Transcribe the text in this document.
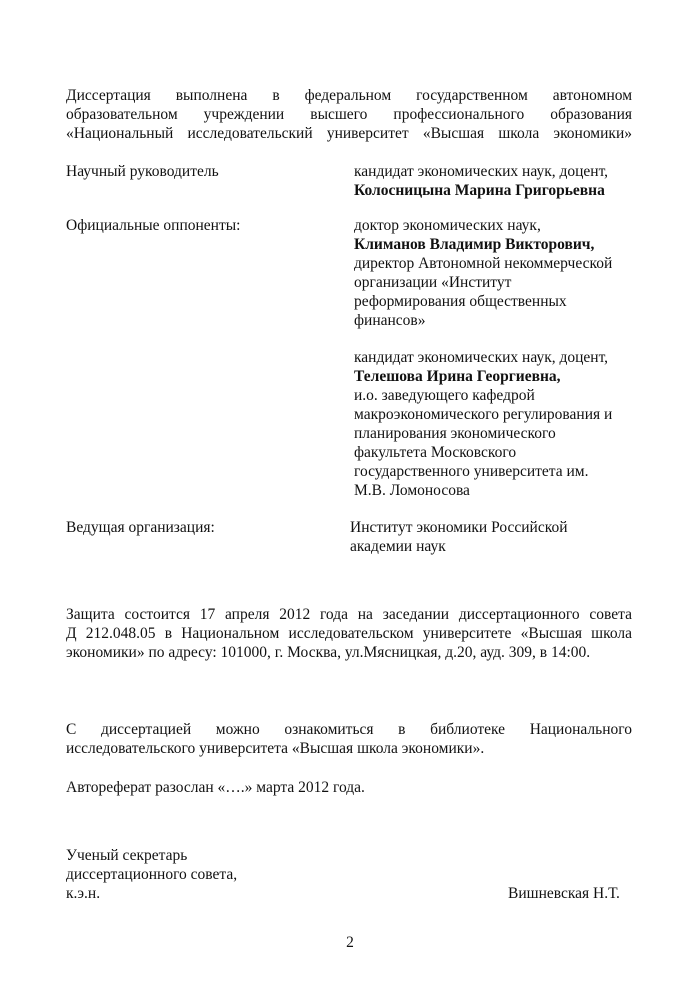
Диссертация выполнена в федеральном государственном автономном
образовательном учреждении высшего профессионального образования
«Национальный исследовательский университет «Высшая школа экономики»
Научный руководитель	кандидат экономических наук, доцент,
Колосницына Марина Григорьевна
Официальные оппоненты:	доктор экономических наук,
Климанов Владимир Викторович,
директор Автономной некоммерческой
организации «Институт
реформирования общественных
финансов»
кандидат экономических наук, доцент,
Телешова Ирина Георгиевна,
и.о. заведующего кафедрой
макроэкономического регулирования и
планирования экономического
факультета Московского
государственного университета им.
М.В. Ломоносова
Ведущая организация:	Институт экономики Российской
академии наук
Защита состоится 17 апреля 2012 года на заседании диссертационного совета
Д 212.048.05 в Национальном исследовательском университете «Высшая школа
экономики» по адресу: 101000, г. Москва, ул.Мясницкая, д.20, ауд. 309, в 14:00.
С диссертацией можно ознакомиться в библиотеке Национального
исследовательского университета «Высшая школа экономики».
Автореферат разослан «….» марта 2012 года.
Ученый секретарь
диссертационного совета,
к.э.н.	Вишневская Н.Т.
2
